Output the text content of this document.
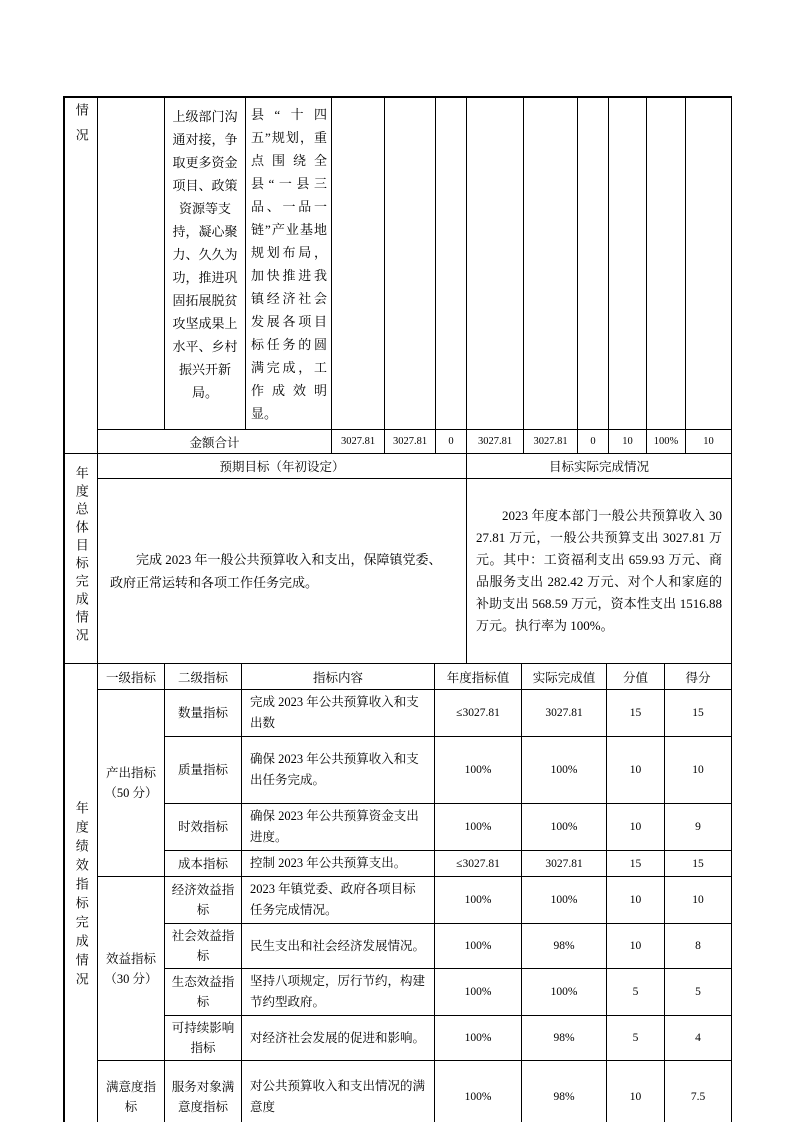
情况		上级部门沟通对接，争取更多资金项目、政策资源等支持，凝心聚力、久久为功，推进巩固拓展脱贫攻坚成果上水平、乡村振兴开新局。	县“十四五”规划，重点围绕全县“一县三品、一品一链”产业基地规划布局，加快推进我镇经济社会发展各项目标任务的圆满完成，工作成效明显。									
	金额合计			3027.81	3027.81	0	3027.81	3027.81	0	10	100%	10
年度总体目标完成情况	预期目标（年初设定）	目标实际完成情况
	完成 2023 年一般公共预算收入和支出，保障镇党委、政府正常运转和各项工作任务完成。	2023 年度本部门一般公共预算收入 3027.81 万元，一般公共预算支出 3027.81 万元。其中：工资福利支出 659.93 万元、商品服务支出 282.42 万元、对个人和家庭的补助支出 568.59 万元，资本性支出 1516.88 万元。执行率为 100%。
年度绩效指标完成情况	一级指标	二级指标	指标内容	年度指标值	实际完成值	分值	得分
	产出指标（50 分）	数量指标	完成 2023 年公共预算收入和支出数	≤3027.81	3027.81	15	15
		质量指标	确保 2023 年公共预算收入和支出任务完成。	100%	100%	10	10
		时效指标	确保 2023 年公共预算资金支出进度。	100%	100%	10	9
		成本指标	控制 2023 年公共预算支出。	≤3027.81	3027.81	15	15
	效益指标（30 分）	经济效益指标	2023 年镇党委、政府各项目标任务完成情况。	100%	100%	10	10
		社会效益指标	民生支出和社会经济发展情况。	100%	98%	10	8
		生态效益指标	坚持八项规定，厉行节约，构建节约型政府。	100%	100%	5	5
		可持续影响指标	对经济社会发展的促进和影响。	100%	98%	5	4
	满意度指标	服务对象满意度指标	对公共预算收入和支出情况的满意度	100%	98%	10	7.5
